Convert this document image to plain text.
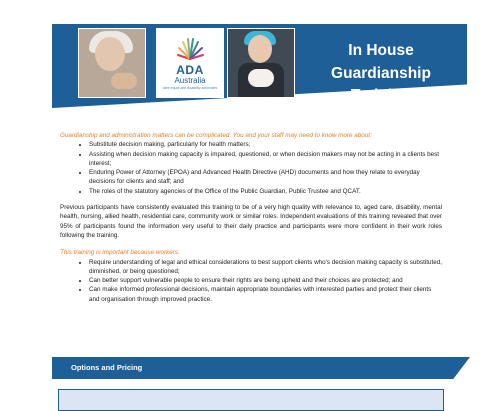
ADA
Australia
dare equal and disability advocates
In House
Guardianship
Training

Guardianship and administration matters can be complicated. You and your staff may need to know more about:

• Substitute decision making, particularly for health matters;
• Assisting when decision making capacity is impaired, questioned, or when decision makers may not be acting in a clients best interest;
• Enduring Power of Attorney (EPOA) and Advanced Health Directive (AHD) documents and how they relate to everyday decisions for clients and staff; and
• The roles of the statutory agencies of the Office of the Public Guardian, Public Trustee and QCAT.

Previous participants have consistently evaluated this training to be of a very high quality with relevance to, aged care, disability, mental health, nursing, allied health, residential care, community work or similar roles. Independent evaluations of this training revealed that over 95% of participants found the information very useful to their daily practice and participants were more confident in their work roles following the training.

This training is important because workers:

• Require understanding of legal and ethical considerations to best support clients who's decision making capacity is substituted, diminished, or being questioned;
• Can better support vulnerable people to ensure their rights are being upheld and their choices are protected; and
• Can make informed professional decisions, maintain appropriate boundaries with interested parties and protect their clients and organisation through improved practice.
Options and Pricing
